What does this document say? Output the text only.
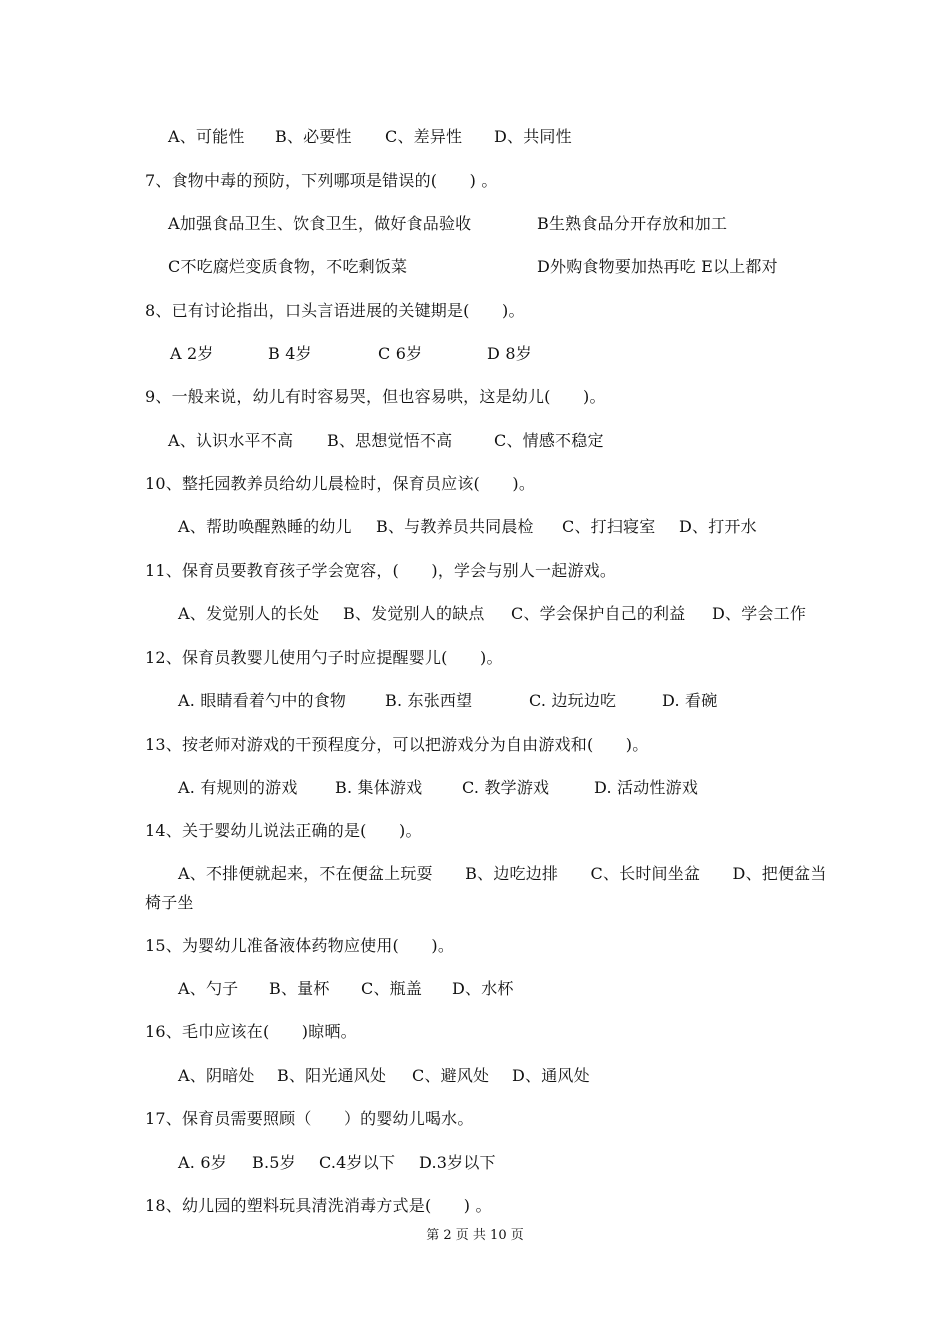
A、可能性 B、必要性 C、差异性 D、共同性
7、食物中毒的预防，下列哪项是错误的(　　) 。
A加强食品卫生、饮食卫生，做好食品验收	B生熟食品分开存放和加工
C不吃腐烂变质食物，不吃剩饭菜	D外购食物要加热再吃 E以上都对
8、已有讨论指出，口头言语进展的关键期是(　　)。
A 2岁	B 4岁	C 6岁	D 8岁
9、一般来说，幼儿有时容易哭，但也容易哄，这是幼儿(　　)。
A、认识水平不高 B、思想觉悟不高	C、情感不稳定
10、整托园教养员给幼儿晨检时，保育员应该(　　)。
A、帮助唤醒熟睡的幼儿 B、与教养员共同晨检 C、打扫寝室 D、打开水
11、保育员要教育孩子学会宽容，(　　)，学会与别人一起游戏。
A、发觉别人的长处 B、发觉别人的缺点 C、学会保护自己的利益 D、学会工作
12、保育员教婴儿使用勺子时应提醒婴儿(　　)。
A. 眼睛看着勺中的食物 B. 东张西望	C. 边玩边吃	D. 看碗
13、按老师对游戏的干预程度分，可以把游戏分为自由游戏和(　　)。
A. 有规则的游戏 B. 集体游戏 C. 教学游戏	D. 活动性游戏
14、关于婴幼儿说法正确的是(　　)。
A、不排便就起来，不在便盆上玩耍　　B、边吃边排　　C、长时间坐盆　　D、把便盆当
椅子坐
15、为婴幼儿准备液体药物应使用(　　)。
A、勺子 B、量杯 C、瓶盖 D、水杯
16、毛巾应该在(　　)晾晒。
A、阴暗处 B、阳光通风处 C、避风处 D、通风处
17、保育员需要照顾（　　）的婴幼儿喝水。
A. 6岁 B.5岁 C.4岁以下 D.3岁以下
18、幼儿园的塑料玩具清洗消毒方式是(　　) 。
第 2 页 共 10 页
